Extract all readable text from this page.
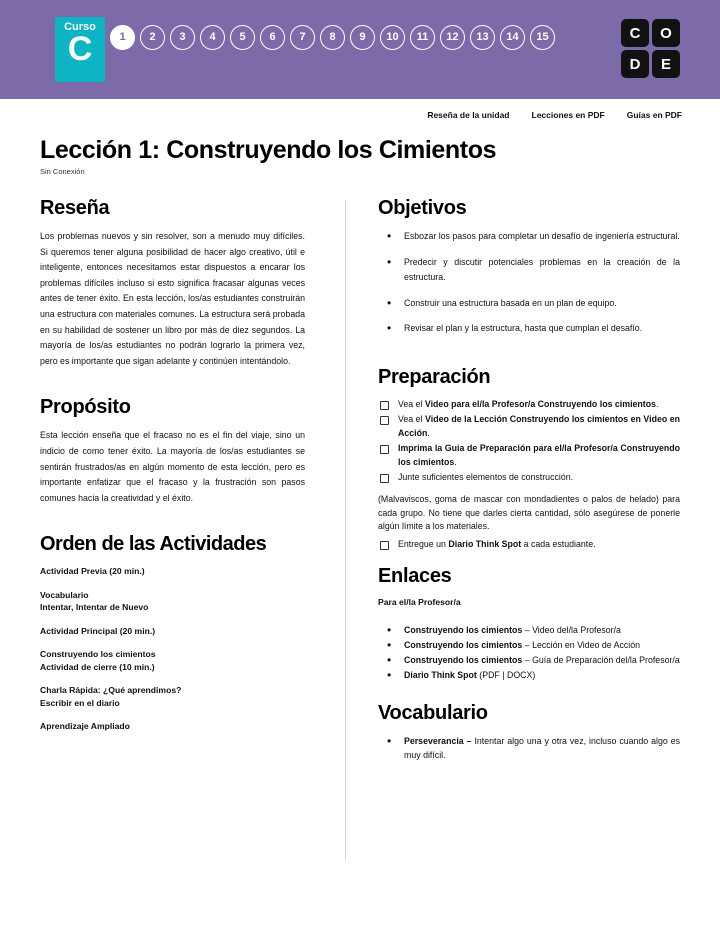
Curso
C 1 2 3 4 5 6 7 8 9 10 11 12 13 14 15	C	O
D	E
Reseña de la unidad	Lecciones en PDF	Guías en PDF
Lección 1: Construyendo los Cimientos
Sin Conexión
Reseña

Los problemas nuevos y sin resolver, son a menudo muy difíciles. Si queremos tener alguna posibilidad de hacer algo creativo, útil e inteligente, entonces necesitamos estar dispuestos a encarar los problemas difíciles incluso si esto significa fracasar algunas veces antes de tener éxito. En esta lección, los/as estudiantes construirán una estructura con materiales comunes. La estructura será probada en su habilidad de sostener un libro por más de diez segundos. La mayoría de los/as estudiantes no podrán lograrlo la primera vez, pero es importante que sigan adelante y continúen intentándolo.

Propósito

Esta lección enseña que el fracaso no es el fin del viaje, sino un indicio de como tener éxito. La mayoría de los/as estudiantes se sentirán frustrados/as en algún momento de esta lección, pero es importante enfatizar que el fracaso y la frustración son pasos comunes hacia la creatividad y el éxito.

Orden de las Actividades
Actividad Previa (20 min.)
Vocabulario
Intentar, Intentar de Nuevo
Actividad Principal (20 min.)
Construyendo los cimientos
Actividad de cierre (10 min.)
Charla Rápida: ¿Qué aprendimos?
Escribir en el diario
Aprendizaje Ampliado
Objetivos
• Esbozar los pasos para completar un desafío de ingeniería estructural.
• Predecir y discutir potenciales problemas en la creación de la estructura.
• Construir una estructura basada en un plan de equipo.
• Revisar el plan y la estructura, hasta que cumplan el desafío.
Preparación
Vea el Video para el/la Profesor/a Construyendo los cimientos.
Vea el Video de la Lección Construyendo los cimientos en Video en Acción.
Imprima la Guia de Preparación para el/la Profesor/a Construyendo los cimientos.
Junte suficientes elementos de construcción.

(Malvaviscos, goma de mascar con mondadientes o palos de helado) para cada grupo. No tiene que darles cierta cantidad, sólo asegúrese de ponerle algún límite a los materiales.

Entregue un Diario Think Spot a cada estudiante.
Enlaces
Para el/la Profesor/a
• Construyendo los cimientos – Video del/la Profesor/a
• Construyendo los cimientos – Lección en Video de Acción
• Construyendo los cimientos – Guía de Preparación del/la Profesor/a
• Diario Think Spot (PDF | DOCX)
Vocabulario
• Perseverancia – Intentar algo una y otra vez, incluso cuando algo es muy difícil.
